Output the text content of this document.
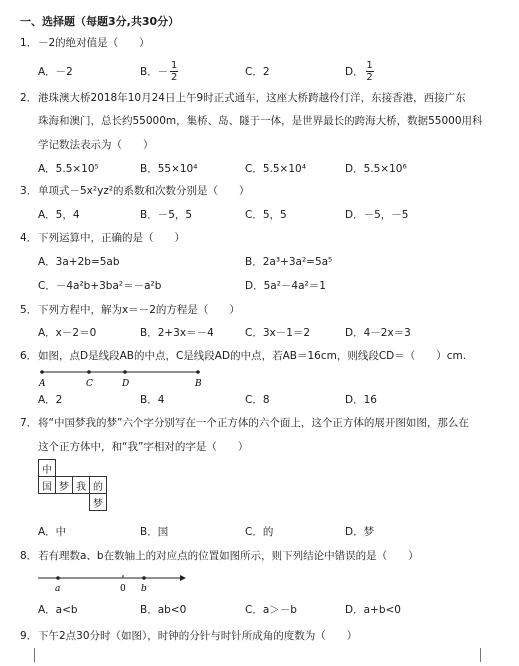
一、选择题（每题3分,共30分）
1．－2的绝对值是（　　）
A．－2	B．－ $\frac{1}{2}$	C．2	D． $\frac{1}{2}$
2．港珠澳大桥2018年10月24日上午9时正式通车，这座大桥跨越伶仃洋，东接香港，西接广东
珠海和澳门，总长约55000m，集桥、岛、隧于一体，是世界最长的跨海大桥，数据55000用科
学记数法表示为（　　）
A．5.5×10⁵	B．55×10⁴	C．5.5×10⁴	D．5.5×10⁶
3．单项式－5x²yz²的系数和次数分别是（　　）
A．5，4	B．－5，5	C．5，5	D．－5，－5
4．下列运算中，正确的是（　　）
A．3a+2b=5ab	B．2a³+3a²=5a⁵
C．－4a²b+3ba²＝－a²b	D．5a²－4a²＝1
5．下列方程中，解为x＝－2的方程是（　　）
A．x－2＝0	B．2+3x＝－4	C．3x－1＝2	D．4－2x＝3
6．如图，点D是线段AB的中点，C是线段AD的中点，若AB＝16cm，则线段CD＝（　　）cm.
A	C	D	B
A．2	B．4	C．8	D．16
7．将“中国梦我的梦”六个字分别写在一个正方体的六个面上，这个正方体的展开图如图，那么在
这个正方体中，和“我”字相对的字是（　　）
中
国 梦 我 的
梦
A．中	B．国	C．的	D．梦
8．若有理数a、b在数轴上的对应点的位置如图所示，则下列结论中错误的是（　　）
a	0 b
A．a<b	B．ab<0	C．a＞－b	D．a+b<0
9．下午2点30分时（如图），时钟的分针与时针所成角的度数为（　　）
